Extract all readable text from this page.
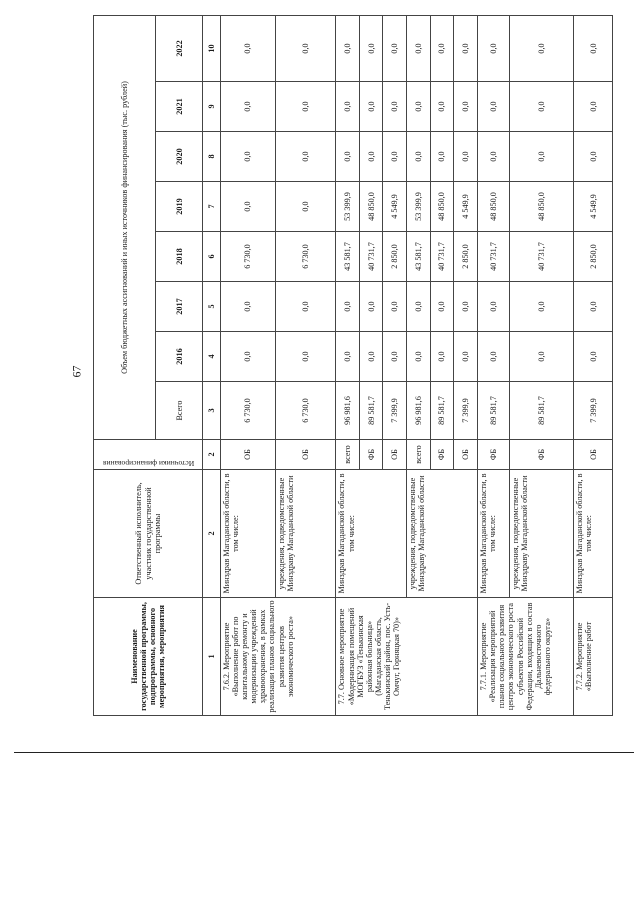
67
Наименование государственной программы, подпрограммы, основного мероприятия, мероприятия	Ответственный исполнитель, участник государственной программы	Источники финансирования	Объем бюджетных ассигнований и иных источников финансирования (тыс. рублей)							
			Всего	2016	2017	2018	2019	2020	2021	2022
1	2	2	3	4	5	6	7	8	9	10
7.6.2. Мероприятие «Выполнение работ по капитальному ремонту и модернизации учреждений здравоохранения, в рамках реализации планов социального развития центров экономического роста»	Минздрав Магаданской области, в том числе:	ОБ	6 730,0	0,0	0,0	6 730,0	0,0	0,0	0,0	0,0
	учреждения, подведомственные Минздраву Магаданской области	ОБ	6 730,0	0,0	0,0	6 730,0	0,0	0,0	0,0	0,0
7.7. Основное мероприятие «Модернизация помещений МОГБУЗ «Тенькинская районная больница» (Магаданская область, Тенькинский район, пос. Усть-Омчуг, Горняцкая 70)»	Минздрав Магаданской области, в том числе:	всего	96 981,6	0,0	0,0	43 581,7	53 399,9	0,0	0,0	0,0
		ФБ	89 581,7	0,0	0,0	40 731,7	48 850,0	0,0	0,0	0,0
		ОБ	7 399,9	0,0	0,0	2 850,0	4 549,9	0,0	0,0	0,0
	учреждения, подведомственные Минздраву Магаданской области	всего	96 981,6	0,0	0,0	43 581,7	53 399,9	0,0	0,0	0,0
		ФБ	89 581,7	0,0	0,0	40 731,7	48 850,0	0,0	0,0	0,0
		ОБ	7 399,9	0,0	0,0	2 850,0	4 549,9	0,0	0,0	0,0
7.7.1. Мероприятие «Реализация мероприятий планов социального развития центров экономического роста субъектов Российской Федерации, входящих в состав Дальневосточного федерального округа»	Минздрав Магаданской области, в том числе:	ФБ	89 581,7	0,0	0,0	40 731,7	48 850,0	0,0	0,0	0,0
	учреждения, подведомственные Минздраву Магаданской области	ФБ	89 581,7	0,0	0,0	40 731,7	48 850,0	0,0	0,0	0,0
7.7.2. Мероприятие «Выполнение работ	Минздрав Магаданской области, в том числе:	ОБ	7 399,9	0,0	0,0	2 850,0	4 549,9	0,0	0,0	0,0
